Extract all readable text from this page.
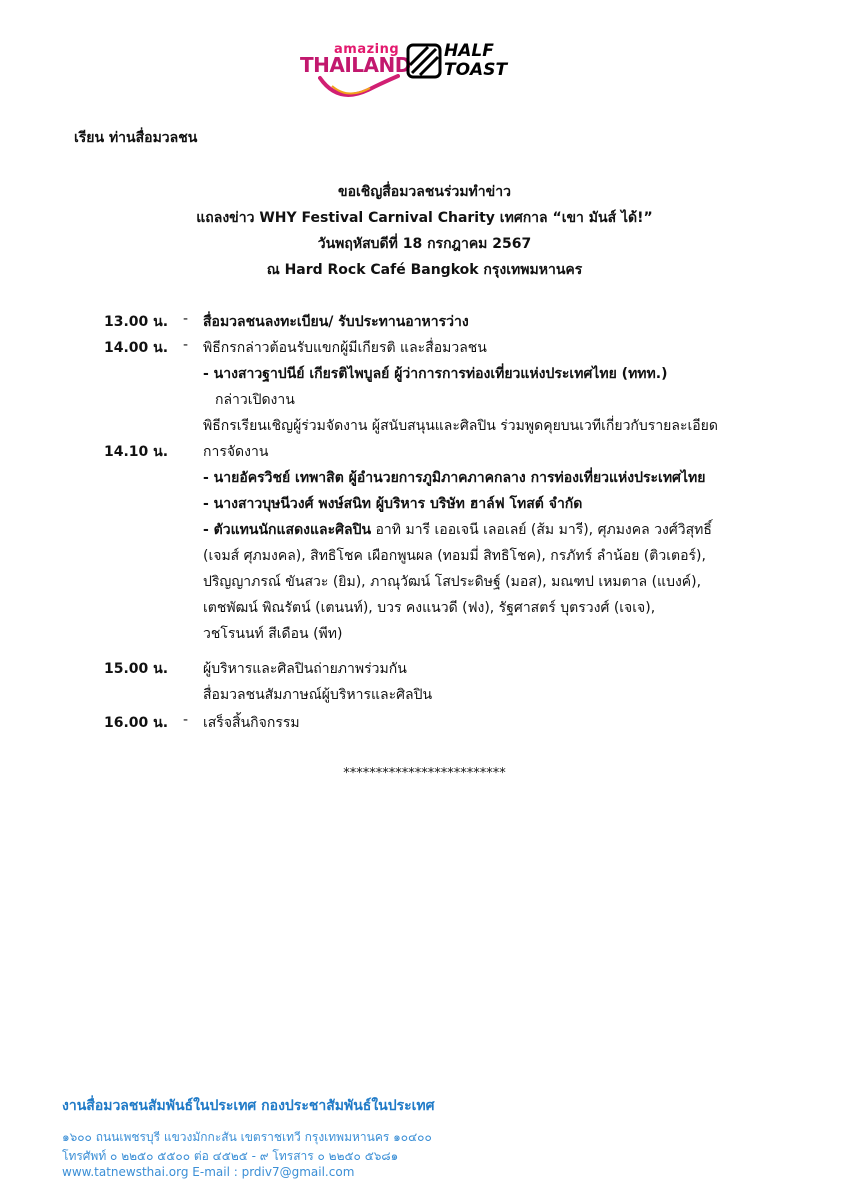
amazing
THAILAND
HALF
TOAST
เรียน ท่านสื่อมวลชน
ขอเชิญสื่อมวลชนร่วมทำข่าว
แถลงข่าว WHY Festival Carnival Charity เทศกาล “เขา มันส์ ได้!”
วันพฤหัสบดีที่ 18 กรกฎาคม 2567
ณ Hard Rock Café Bangkok กรุงเทพมหานคร
13.00 น.	- สื่อมวลชนลงทะเบียน/ รับประทานอาหารว่าง
14.00 น.	- พิธีกรกล่าวต้อนรับแขกผู้มีเกียรติ และสื่อมวลชน
- นางสาวฐาปนีย์ เกียรติไพบูลย์ ผู้ว่าการการท่องเที่ยวแห่งประเทศไทย (ททท.)
กล่าวเปิดงาน
พิธีกรเรียนเชิญผู้ร่วมจัดงาน ผู้สนับสนุนและศิลปิน ร่วมพูดคุยบนเวทีเกี่ยวกับรายละเอียด
14.10 น.	การจัดงาน
- นายอัครวิชย์ เทพาสิต ผู้อำนวยการภูมิภาคภาคกลาง การท่องเที่ยวแห่งประเทศไทย
- นางสาวบุษนีวงศ์ พงษ์สนิท ผู้บริหาร บริษัท ฮาล์ฟ โทสต์ จำกัด
- ตัวแทนนักแสดงและศิลปิน อาทิ มารี เออเจนี เลอเลย์ (ส้ม มารี), ศุภมงคล วงศ์วิสุทธิ์
(เจมส์ ศุภมงคล), สิทธิโชค เผือกพูนผล (ทอมมี่ สิทธิโชค), กรภัทร์ ลำน้อย (ติวเตอร์),
ปริญญาภรณ์ ขันสวะ (ยิม), ภาณุวัฒน์ โสประดิษฐ์ (มอส), มณฑป เหมตาล (แบงค์),
เตชพัฒน์ พิณรัตน์ (เตนนท์), บวร คงแนวดี (ฟง), รัฐศาสตร์ บุตรวงศ์ (เจเจ),
วชโรนนท์ สีเดือน (พีท)
15.00 น.	ผู้บริหารและศิลปินถ่ายภาพร่วมกัน
สื่อมวลชนสัมภาษณ์ผู้บริหารและศิลปิน
16.00 น.	- เสร็จสิ้นกิจกรรม
*************************
งานสื่อมวลชนสัมพันธ์ในประเทศ กองประชาสัมพันธ์ในประเทศ
๑๖๐๐ ถนนเพชรบุรี แขวงมักกะสัน เขตราชเทวี กรุงเทพมหานคร ๑๐๔๐๐
โทรศัพท์ ๐ ๒๒๕๐ ๕๕๐๐ ต่อ ๔๕๒๕ - ๙ โทรสาร ๐ ๒๒๕๐ ๕๖๘๑
www.tatnewsthai.org E-mail : prdiv7@gmail.com
